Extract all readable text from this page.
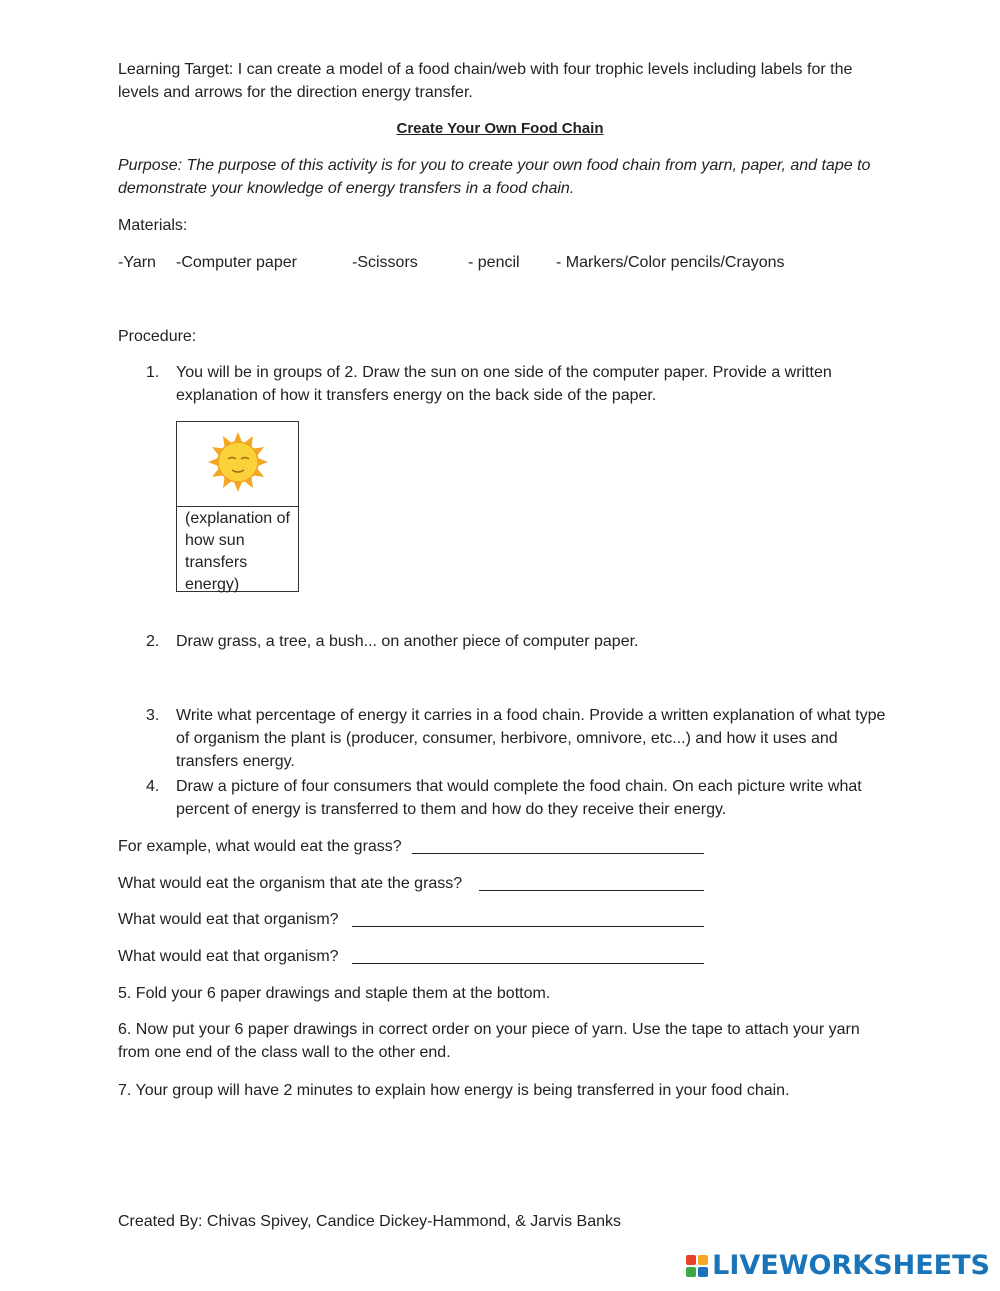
Learning Target: I can create a model of a food chain/web with four trophic levels including labels for the levels and arrows for the direction energy transfer.
Create Your Own Food Chain
Purpose: The purpose of this activity is for you to create your own food chain from yarn, paper, and tape to demonstrate your knowledge of energy transfers in a food chain.
Materials:
-Yarn -Computer paper	-Scissors	- pencil - Markers/Color pencils/Crayons
Procedure:
1. You will be in groups of 2. Draw the sun on one side of the computer paper. Provide a written explanation of how it transfers energy on the back side of the paper.
(explanation of how sun transfers energy)
2. Draw grass, a tree, a bush... on another piece of computer paper.
3. Write what percentage of energy it carries in a food chain. Provide a written explanation of what type of organism the plant is (producer, consumer, herbivore, omnivore, etc...) and how it uses and transfers energy.
4. Draw a picture of four consumers that would complete the food chain. On each picture write what percent of energy is transferred to them and how do they receive their energy.
For example, what would eat the grass?
What would eat the organism that ate the grass?
What would eat that organism?
What would eat that organism?
5. Fold your 6 paper drawings and staple them at the bottom.
6. Now put your 6 paper drawings in correct order on your piece of yarn. Use the tape to attach your yarn from one end of the class wall to the other end.
7. Your group will have 2 minutes to explain how energy is being transferred in your food chain.
Created By: Chivas Spivey, Candice Dickey-Hammond, & Jarvis Banks
LIVEWORKSHEETS
